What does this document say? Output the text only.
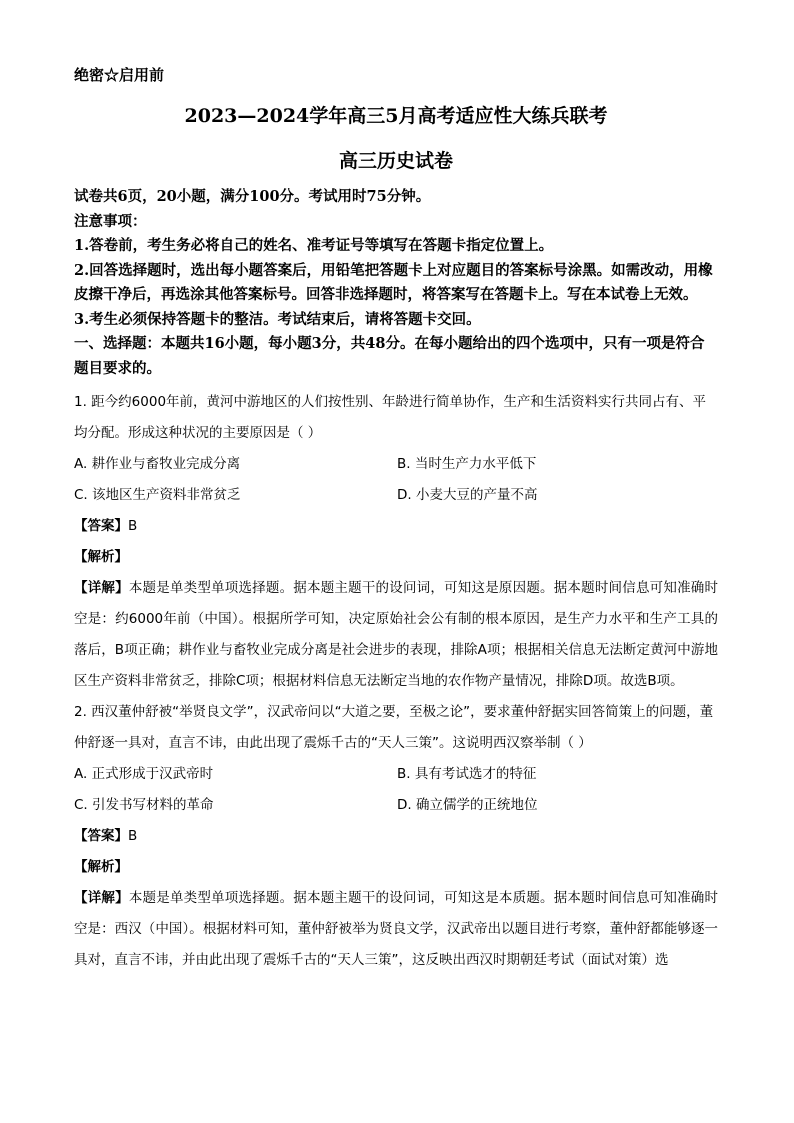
绝密☆启用前
2023—2024学年高三5月高考适应性大练兵联考
高三历史试卷
试卷共6页，20小题，满分100分。考试用时75分钟。
注意事项：
1.答卷前，考生务必将自己的姓名、准考证号等填写在答题卡指定位置上。
2.回答选择题时，选出每小题答案后，用铅笔把答题卡上对应题目的答案标号涂黑。如需改动，用橡皮擦干净后，再选涂其他答案标号。回答非选择题时，将答案写在答题卡上。写在本试卷上无效。
3.考生必须保持答题卡的整洁。考试结束后，请将答题卡交回。
一、选择题：本题共16小题，每小题3分，共48分。在每小题给出的四个选项中，只有一项是符合题目要求的。
1. 距今约6000年前，黄河中游地区的人们按性别、年龄进行简单协作，生产和生活资料实行共同占有、平均分配。形成这种状况的主要原因是（ ）
A. 耕作业与畜牧业完成分离	B. 当时生产力水平低下
C. 该地区生产资料非常贫乏	D. 小麦大豆的产量不高
【答案】B
【解析】
【详解】本题是单类型单项选择题。据本题主题干的设问词，可知这是原因题。据本题时间信息可知准确时空是：约6000年前（中国）。根据所学可知，决定原始社会公有制的根本原因，是生产力水平和生产工具的落后，B项正确；耕作业与畜牧业完成分离是社会进步的表现，排除A项；根据相关信息无法断定黄河中游地区生产资料非常贫乏，排除C项；根据材料信息无法断定当地的农作物产量情况，排除D项。故选B项。
2. 西汉董仲舒被“举贤良文学”，汉武帝问以“大道之要，至极之论”，要求董仲舒据实回答简策上的问题，董仲舒逐一具对，直言不讳，由此出现了震烁千古的“天人三策”。这说明西汉察举制（ ）
A. 正式形成于汉武帝时	B. 具有考试选才的特征
C. 引发书写材料的革命	D. 确立儒学的正统地位
【答案】B
【解析】
【详解】本题是单类型单项选择题。据本题主题干的设问词，可知这是本质题。据本题时间信息可知准确时空是：西汉（中国）。根据材料可知，董仲舒被举为贤良文学，汉武帝出以题目进行考察，董仲舒都能够逐一具对，直言不讳，并由此出现了震烁千古的“天人三策”，这反映出西汉时期朝廷考试（面试对策）选
